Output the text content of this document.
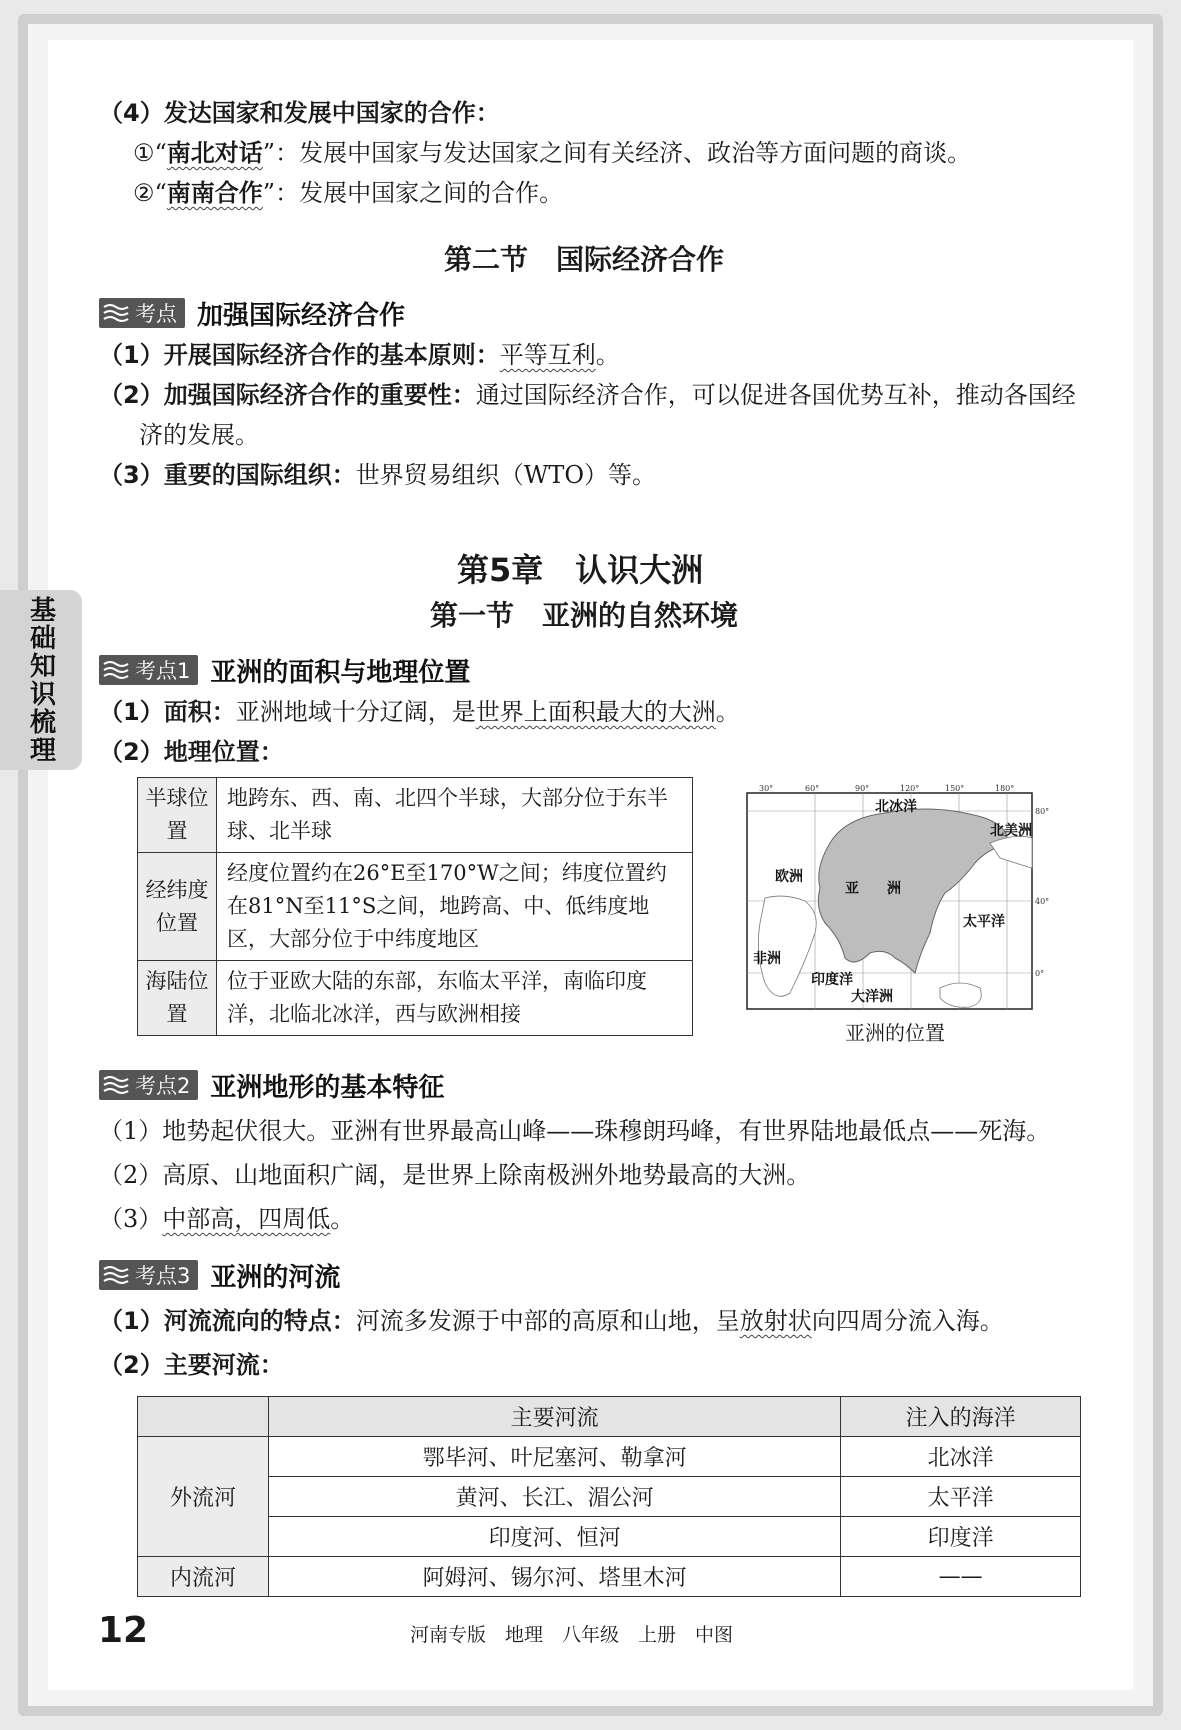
基础知识梳理
（4）发达国家和发展中国家的合作：
①“南北对话”：发展中国家与发达国家之间有关经济、政治等方面问题的商谈。
②“南南合作”：发展中国家之间的合作。
第二节　国际经济合作
考点 加强国际经济合作
（1）开展国际经济合作的基本原则：平等互利。
（2）加强国际经济合作的重要性：通过国际经济合作，可以促进各国优势互补，推动各国经
济的发展。
（3）重要的国际组织：世界贸易组织（WTO）等。
第5章　认识大洲
第一节　亚洲的自然环境
考点1 亚洲的面积与地理位置
（1）面积：亚洲地域十分辽阔，是世界上面积最大的大洲。
（2）地理位置：
半球位置	地跨东、西、南、北四个半球，大部分位于东半球、北半球
经纬度位置	经度位置约在26°E至170°W之间；纬度位置约在81°N至11°S之间，地跨高、中、低纬度地区，大部分位于中纬度地区
海陆位置	位于亚欧大陆的东部，东临太平洋，南临印度洋，北临北冰洋，西与欧洲相接
30°	60°	90°	120°	150°	180°
80°
40°
0°
北冰洋
北美洲
欧洲
亚　　洲
太平洋
非洲
印度洋
大洋洲
亚洲的位置
考点2 亚洲地形的基本特征
（1）地势起伏很大。亚洲有世界最高山峰——珠穆朗玛峰，有世界陆地最低点——死海。
（2）高原、山地面积广阔，是世界上除南极洲外地势最高的大洲。
（3）中部高，四周低。
考点3 亚洲的河流
（1）河流流向的特点：河流多发源于中部的高原和山地，呈放射状向四周分流入海。
（2）主要河流：
	主要河流	注入的海洋
外流河	鄂毕河、叶尼塞河、勒拿河	北冰洋
	黄河、长江、湄公河	太平洋
	印度河、恒河	印度洋
内流河	阿姆河、锡尔河、塔里木河	——
12	河南专版　地理　八年级　上册　中图
